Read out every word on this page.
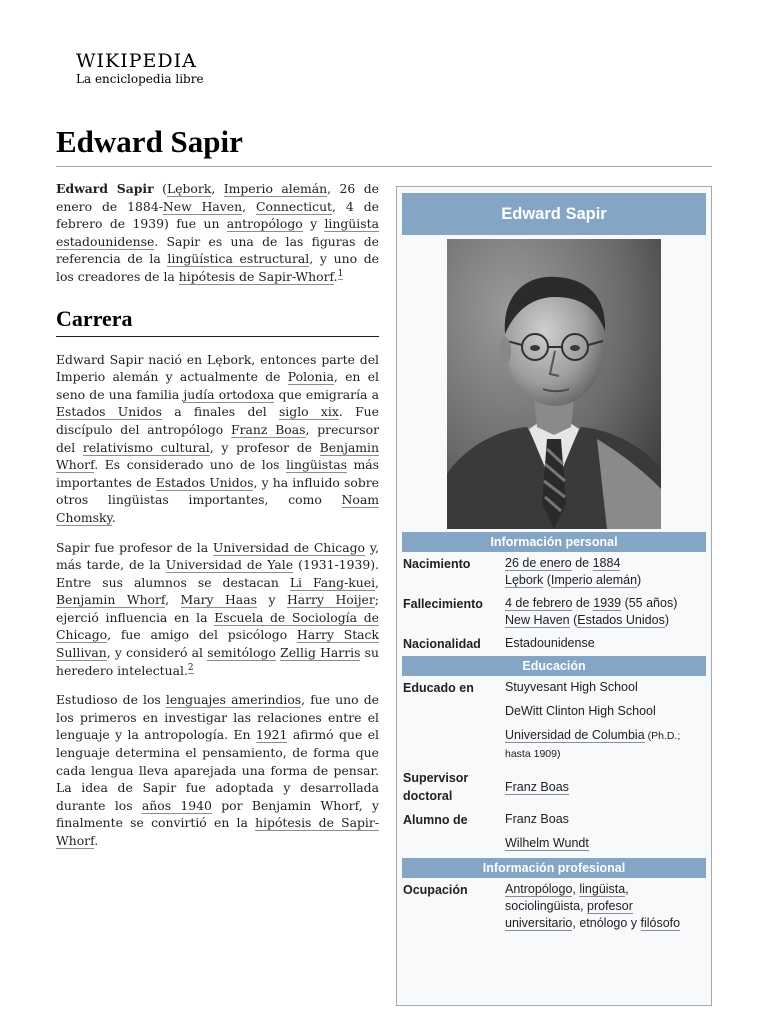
WIKIPEDIA
La enciclopedia libre
Edward Sapir

Edward Sapir (Lębork, Imperio alemán, 26 de enero de 1884-New Haven, Connecticut, 4 de febrero de 1939) fue un antropólogo y lingüista estadounidense. Sapir es una de las figuras de referencia de la lingüística estructural, y uno de los creadores de la hipótesis de Sapir-Whorf.$^1$

Carrera

Edward Sapir nació en Lębork, entonces parte del Imperio alemán y actualmente de Polonia, en el seno de una familia judía ortodoxa que emigraría a Estados Unidos a finales del siglo xix. Fue discípulo del antropólogo Franz Boas, precursor del relativismo cultural, y profesor de Benjamin Whorf. Es considerado uno de los lingüistas más importantes de Estados Unidos, y ha influido sobre otros lingüistas importantes, como Noam Chomsky.

Sapir fue profesor de la Universidad de Chicago y, más tarde, de la Universidad de Yale (1931-1939). Entre sus alumnos se destacan Li Fang-kuei, Benjamin Whorf, Mary Haas y Harry Hoijer; ejerció influencia en la Escuela de Sociología de Chicago, fue amigo del psicólogo Harry Stack Sullivan, y consideró al semitólogo Zellig Harris su heredero intelectual.$^2$

Estudioso de los lenguajes amerindios, fue uno de los primeros en investigar las relaciones entre el lenguaje y la antropología. En 1921 afirmó que el lenguaje determina el pensamiento, de forma que cada lengua lleva aparejada una forma de pensar. La idea de Sapir fue adoptada y desarrollada durante los años 1940 por Benjamin Whorf, y finalmente se convirtió en la hipótesis de Sapir-Whorf.

Edward Sapir
Información personal
Nacimiento	26 de enero de 1884
Lębork (Imperio alemán)
Fallecimiento	4 de febrero de 1939 (55 años)
New Haven (Estados Unidos)
Nacionalidad	Estadounidense
Educación
Educado en	Stuyvesant High School
DeWitt Clinton High School
Universidad de Columbia (Ph.D.; hasta 1909)
Supervisor doctoral
Franz Boas
Alumno de	Franz Boas
Wilhelm Wundt
Información profesional
Ocupación	Antropólogo, lingüista, sociolingüista, profesor universitario, etnólogo y filósofo
